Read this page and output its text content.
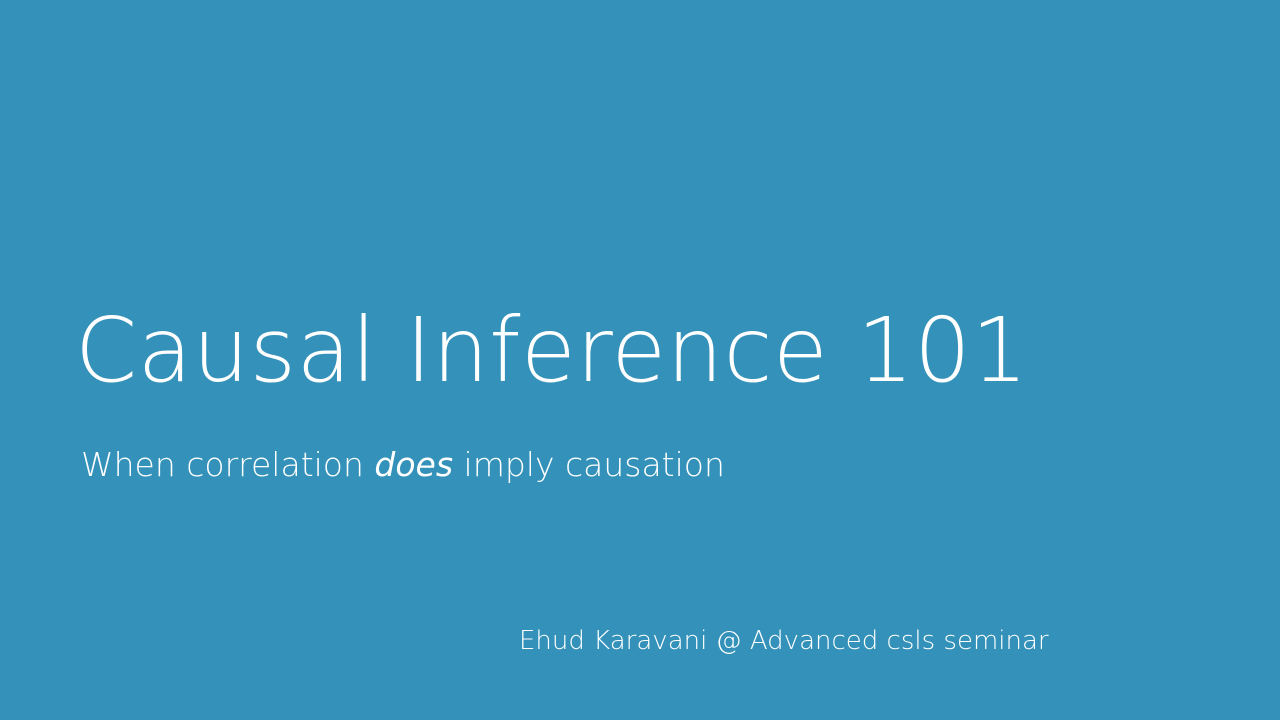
Causal Inference 101
When correlation does imply causation
Ehud Karavani @ Advanced csls seminar
